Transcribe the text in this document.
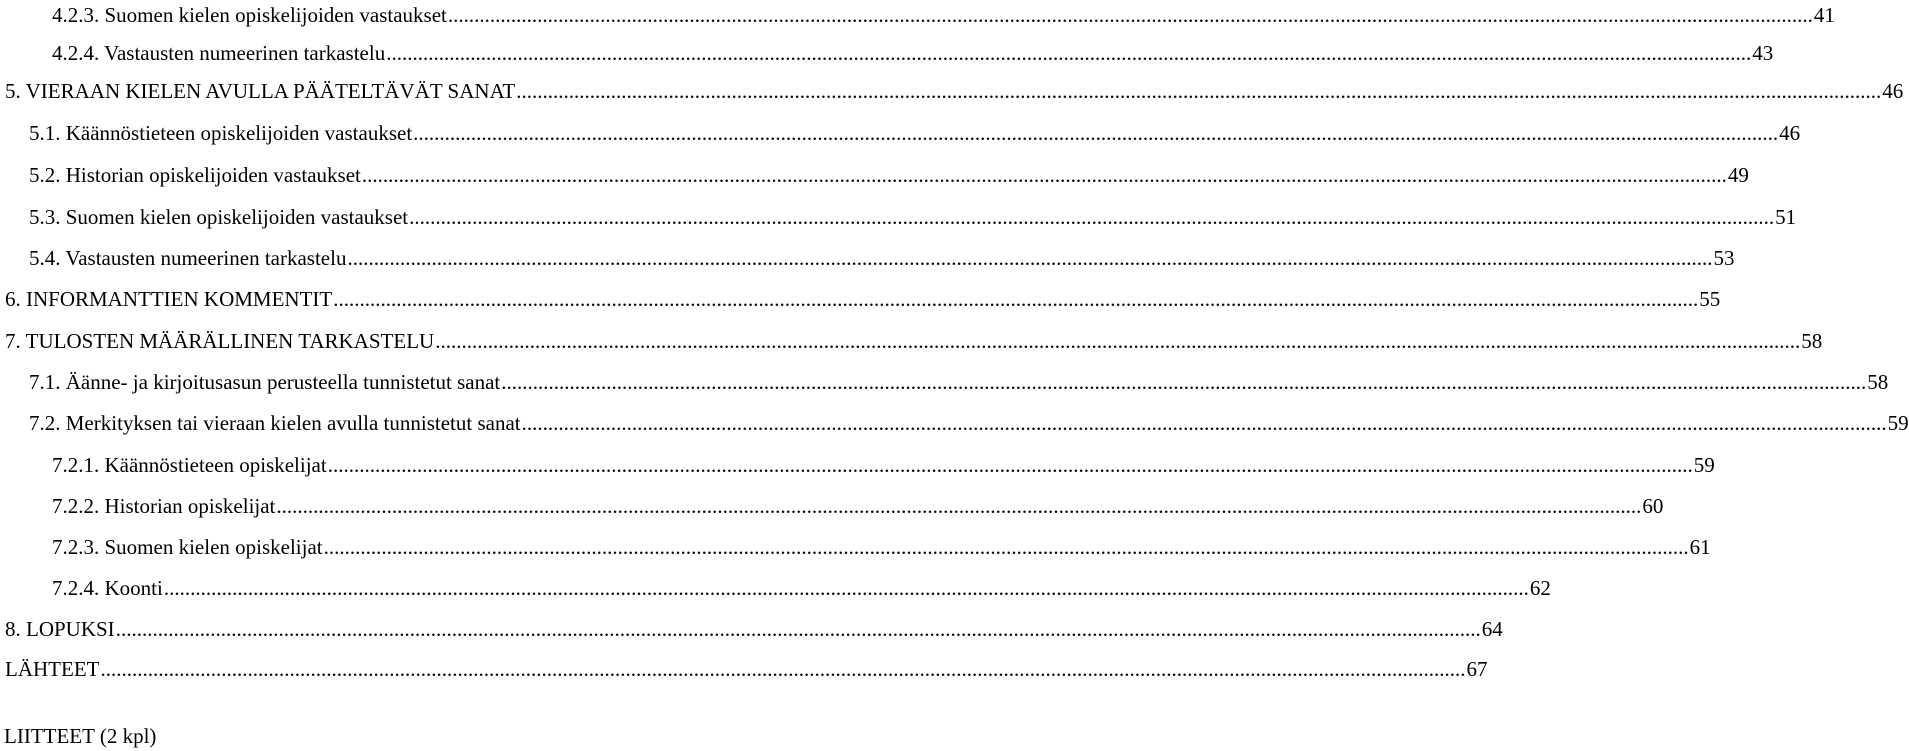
4.2.3. Suomen kielen opiskelijoiden vastaukset .................................................................................................................................................................................................................................................................... 41
4.2.4. Vastausten numeerinen tarkastelu .................................................................................................................................................................................................................................................................... 43
5. VIERAAN KIELEN AVULLA PÄÄTELTÄVÄT SANAT .................................................................................................................................................................................................................................................................... 46
5.1. Käännöstieteen opiskelijoiden vastaukset .................................................................................................................................................................................................................................................................... 46
5.2. Historian opiskelijoiden vastaukset .................................................................................................................................................................................................................................................................... 49
5.3. Suomen kielen opiskelijoiden vastaukset .................................................................................................................................................................................................................................................................... 51
5.4. Vastausten numeerinen tarkastelu .................................................................................................................................................................................................................................................................... 53
6. INFORMANTTIEN KOMMENTIT .................................................................................................................................................................................................................................................................... 55
7. TULOSTEN MÄÄRÄLLINEN TARKASTELU .................................................................................................................................................................................................................................................................... 58
7.1. Äänne- ja kirjoitusasun perusteella tunnistetut sanat .................................................................................................................................................................................................................................................................... 58
7.2. Merkityksen tai vieraan kielen avulla tunnistetut sanat .................................................................................................................................................................................................................................................................... 59
7.2.1. Käännöstieteen opiskelijat .................................................................................................................................................................................................................................................................... 59
7.2.2. Historian opiskelijat .................................................................................................................................................................................................................................................................... 60
7.2.3. Suomen kielen opiskelijat .................................................................................................................................................................................................................................................................... 61
7.2.4. Koonti .................................................................................................................................................................................................................................................................... 62
8. LOPUKSI .................................................................................................................................................................................................................................................................... 64
LÄHTEET .................................................................................................................................................................................................................................................................... 67
LIITTEET (2 kpl)
